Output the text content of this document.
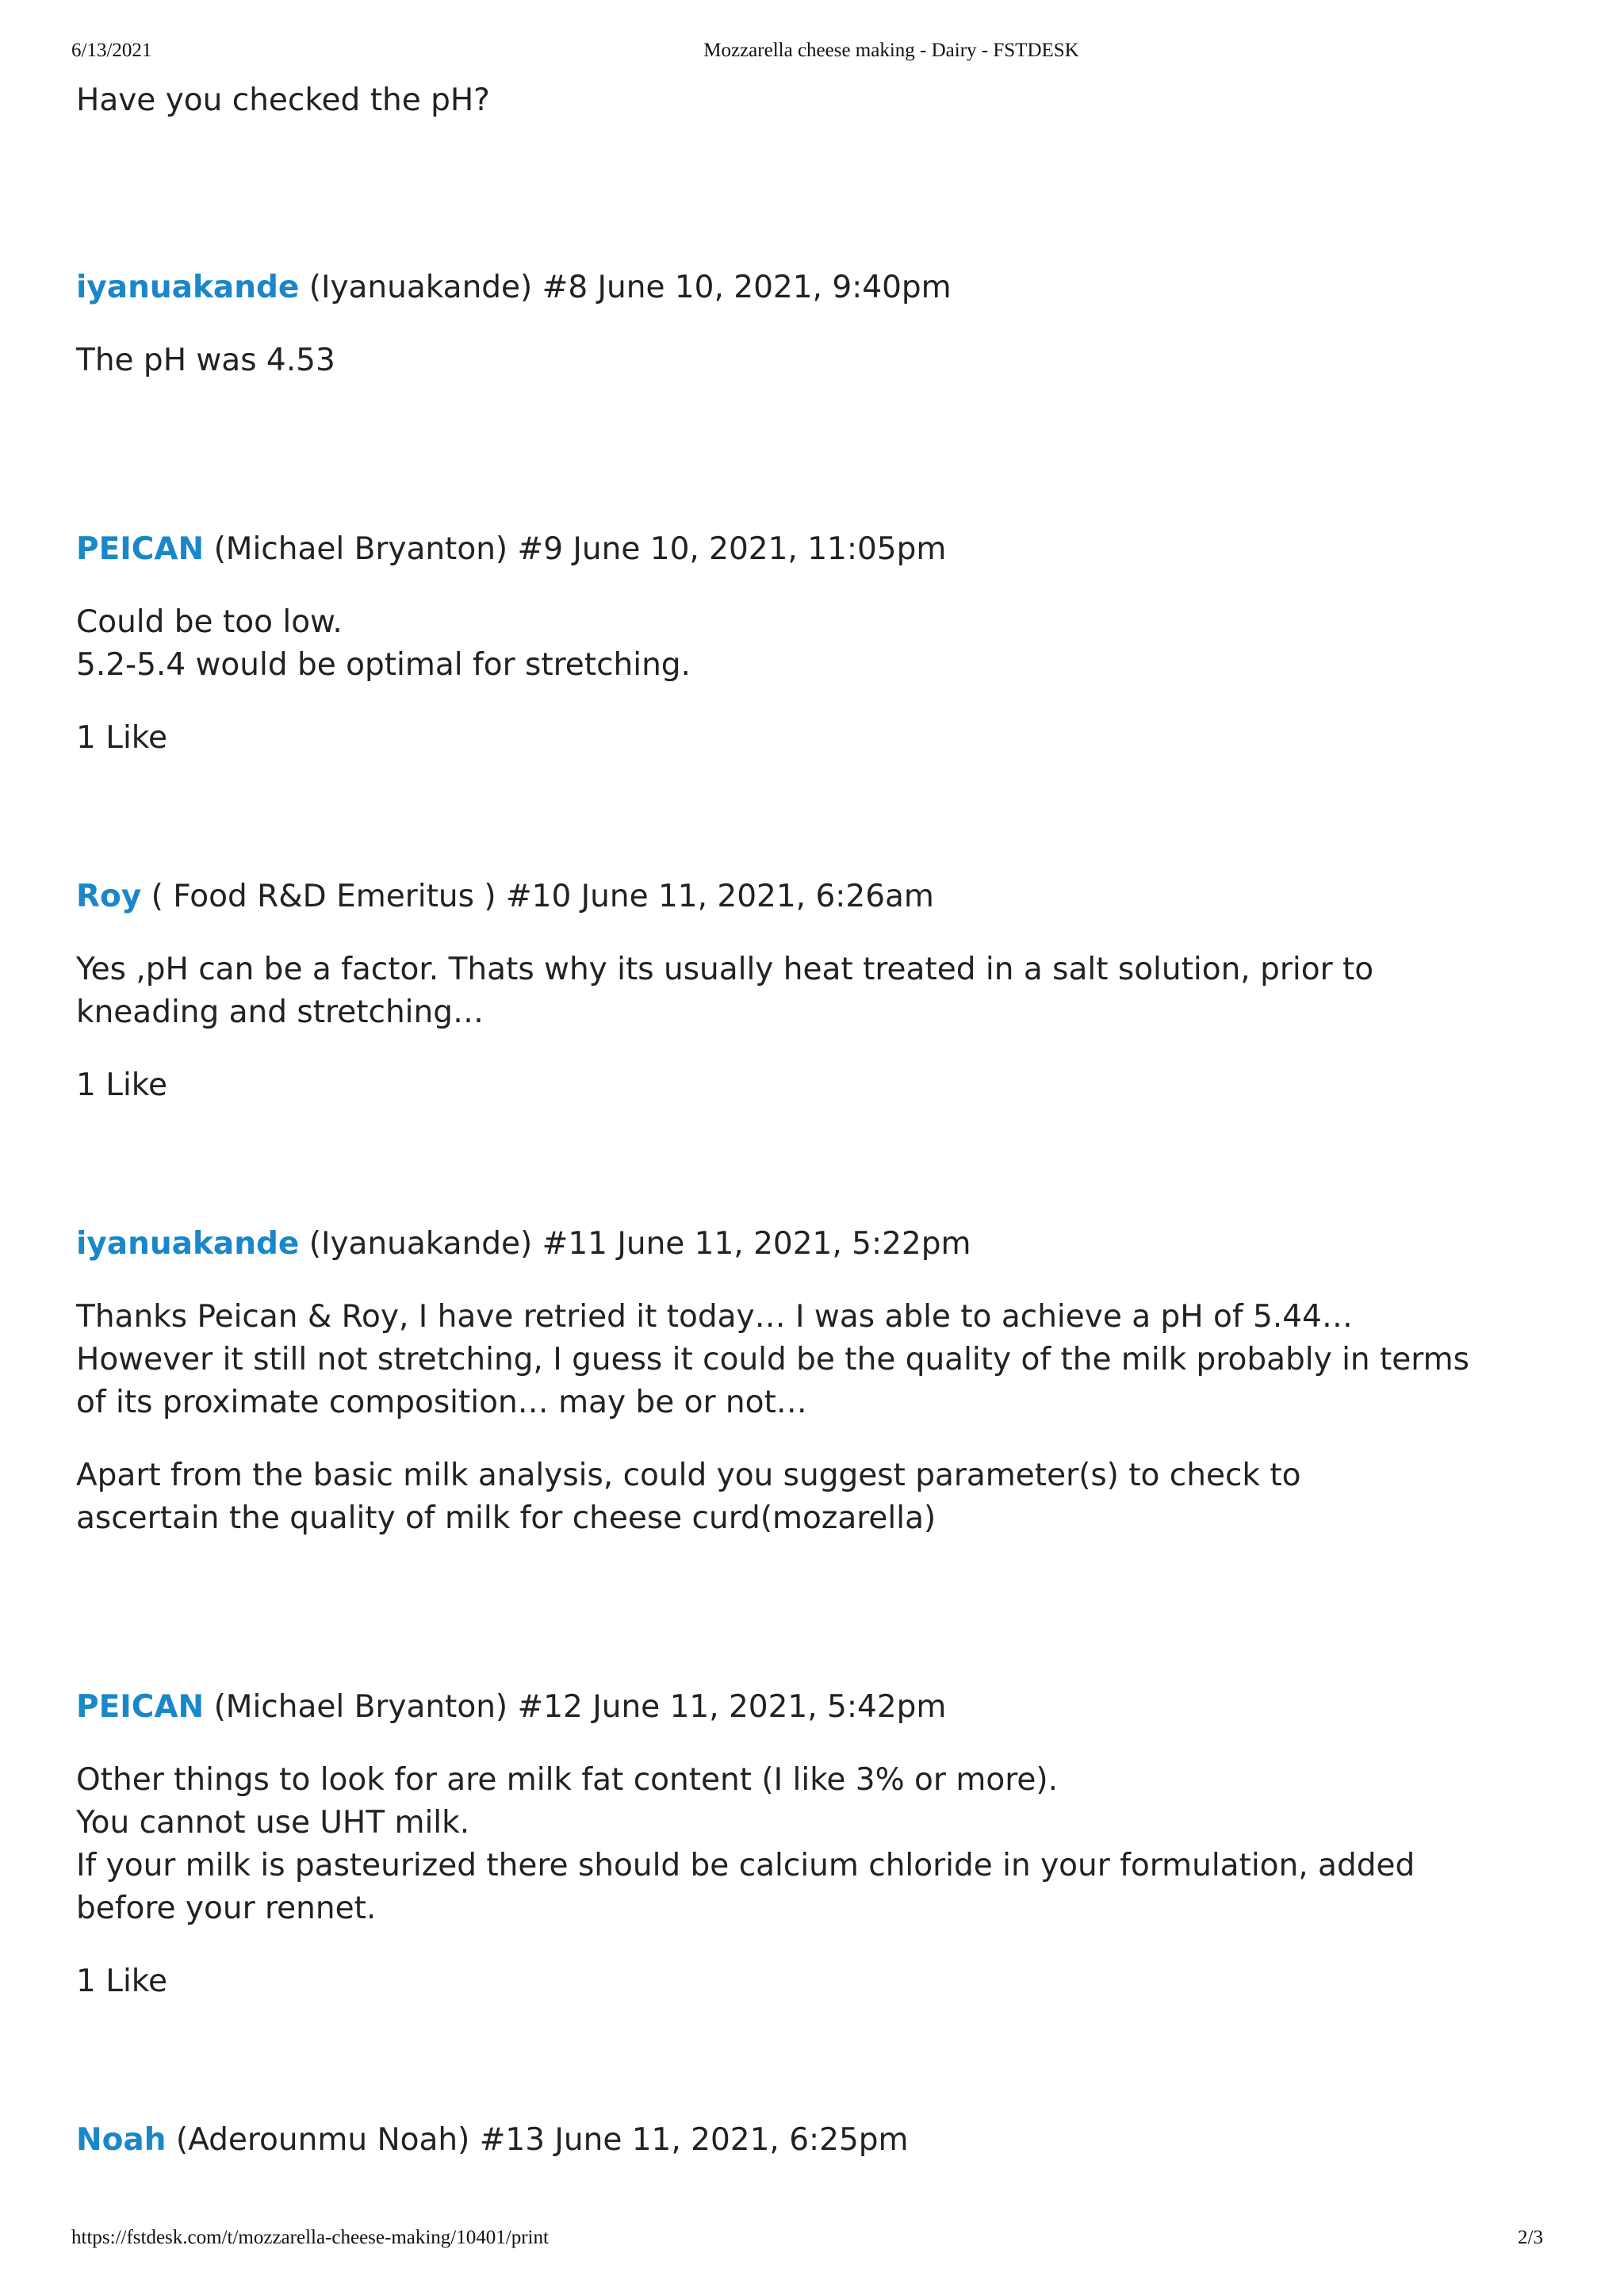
6/13/2021	Mozzarella cheese making - Dairy - FSTDESK

Have you checked the pH?

iyanuakande (Iyanuakande) #8 June 10, 2021, 9:40pm

The pH was 4.53

PEICAN (Michael Bryanton) #9 June 10, 2021, 11:05pm

Could be too low.

5.2-5.4 would be optimal for stretching.

1 Like

Roy ( Food R&D Emeritus ) #10 June 11, 2021, 6:26am

Yes ,pH can be a factor. Thats why its usually heat treated in a salt solution, prior to kneading and stretching…

1 Like

iyanuakande (Iyanuakande) #11 June 11, 2021, 5:22pm

Thanks Peican & Roy, I have retried it today… I was able to achieve a pH of 5.44… However it still not stretching, I guess it could be the quality of the milk probably in terms of its proximate composition… may be or not…

Apart from the basic milk analysis, could you suggest parameter(s) to check to ascertain the quality of milk for cheese curd(mozarella)

PEICAN (Michael Bryanton) #12 June 11, 2021, 5:42pm

Other things to look for are milk fat content (I like 3% or more).

You cannot use UHT milk.

If your milk is pasteurized there should be calcium chloride in your formulation, added before your rennet.

1 Like

Noah (Aderounmu Noah) #13 June 11, 2021, 6:25pm

https://fstdesk.com/t/mozzarella-cheese-making/10401/print	2/3
